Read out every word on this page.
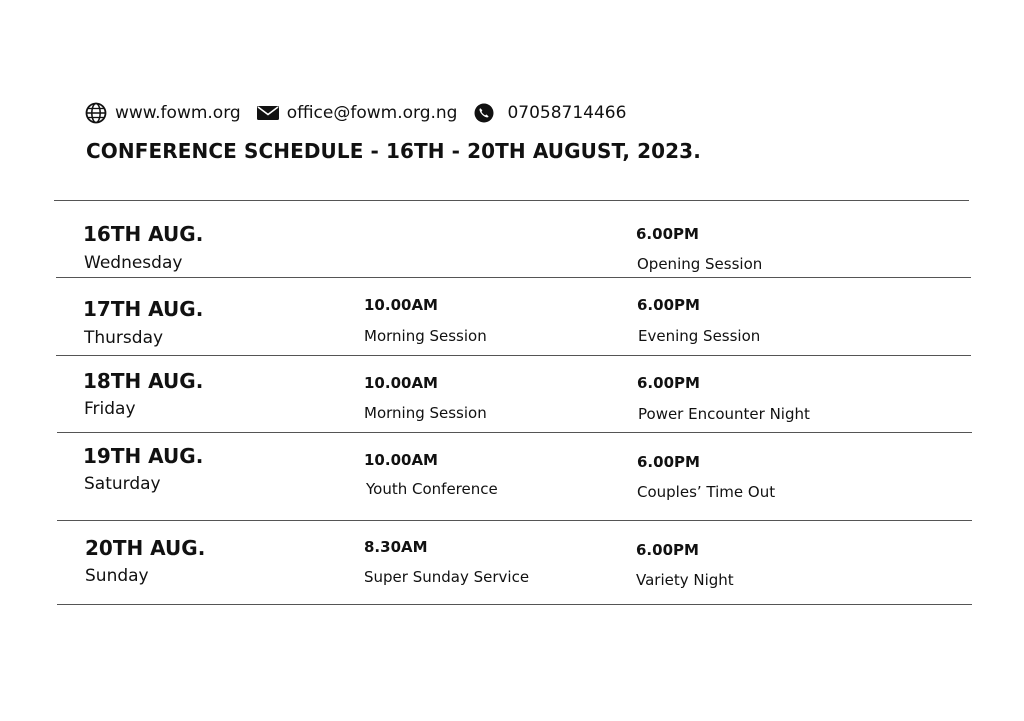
www.fowm.org	office@fowm.org.ng	07058714466
CONFERENCE SCHEDULE - 16TH - 20TH AUGUST, 2023.
16TH AUG.
Wednesday
6.00PM
Opening Session
17TH AUG.
Thursday
10.00AM
Morning Session
6.00PM
Evening Session
18TH AUG.
Friday
10.00AM
Morning Session
6.00PM
Power Encounter Night
19TH AUG.
Saturday
10.00AM
Youth Conference
6.00PM
Couples’ Time Out
20TH AUG.
Sunday
8.30AM
Super Sunday Service
6.00PM
Variety Night
